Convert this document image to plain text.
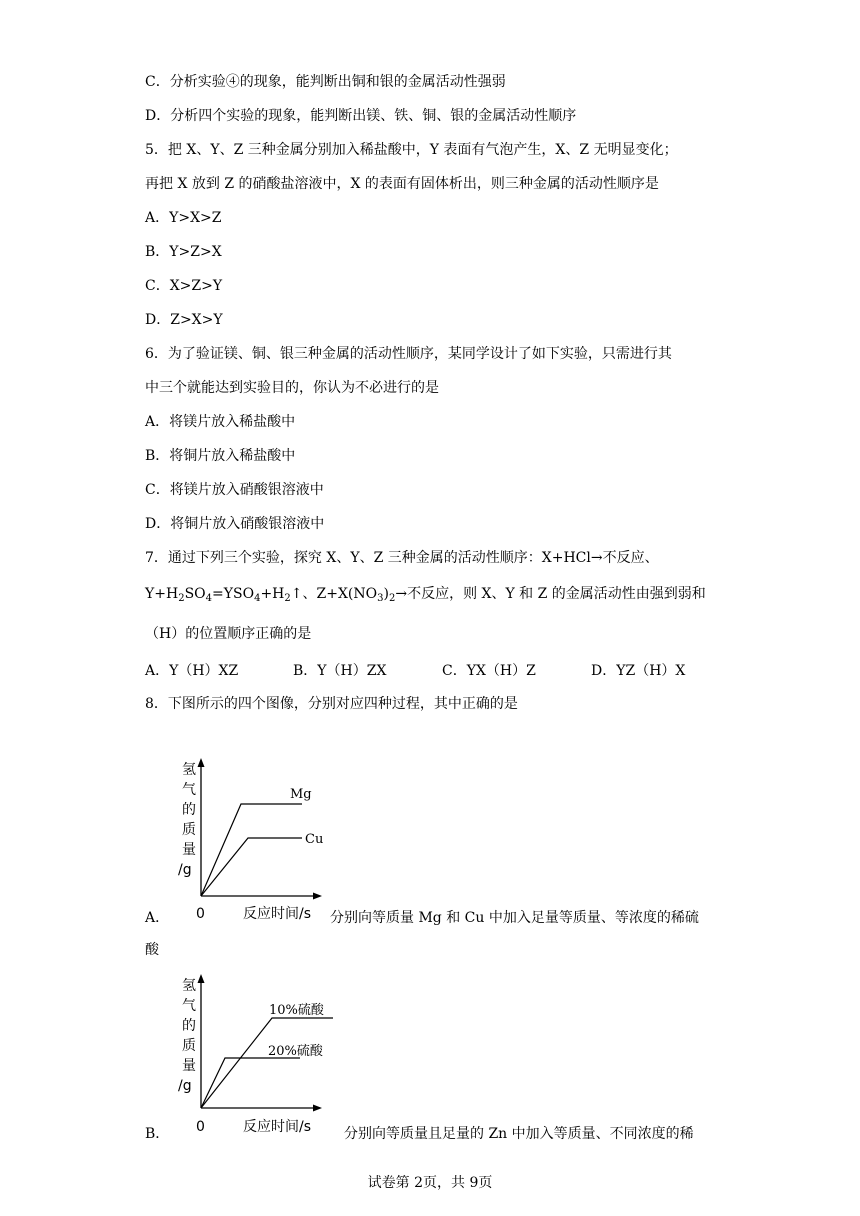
C．分析实验④的现象，能判断出铜和银的金属活动性强弱
D．分析四个实验的现象，能判断出镁、铁、铜、银的金属活动性顺序
5．把 X、Y、Z 三种金属分别加入稀盐酸中，Y 表面有气泡产生，X、Z 无明显变化；
再把 X 放到 Z 的硝酸盐溶液中，X 的表面有固体析出，则三种金属的活动性顺序是
A．Y>X>Z
B．Y>Z>X
C．X>Z>Y
D．Z>X>Y
6．为了验证镁、铜、银三种金属的活动性顺序，某同学设计了如下实验，只需进行其
中三个就能达到实验目的，你认为不必进行的是
A．将镁片放入稀盐酸中
B．将铜片放入稀盐酸中
C．将镁片放入硝酸银溶液中
D．将铜片放入硝酸银溶液中
7．通过下列三个实验，探究 X、Y、Z 三种金属的活动性顺序：X+HCl→不反应、
$Y+H_2SO_4=YSO_4+H_2↑$、$Z+X(NO_3)_2\to$不反应，则 X、Y 和 Z 的金属活动性由强到弱和
（H）的位置顺序正确的是
A．Y（H）XZ	B．Y（H）ZX	C．YX（H）Z	D．YZ（H）X
8．下图所示的四个图像，分别对应四种过程，其中正确的是
氢
气
的
质
量
/g
Mg
Cu
0	反应时间/s
A．	分别向等质量 Mg 和 Cu 中加入足量等质量、等浓度的稀硫
酸
氢
气
的
质
量
/g
10%硫酸
20%硫酸
0	反应时间/s
B．	分别向等质量且足量的 Zn 中加入等质量、不同浓度的稀
试卷第 2页，共 9页
